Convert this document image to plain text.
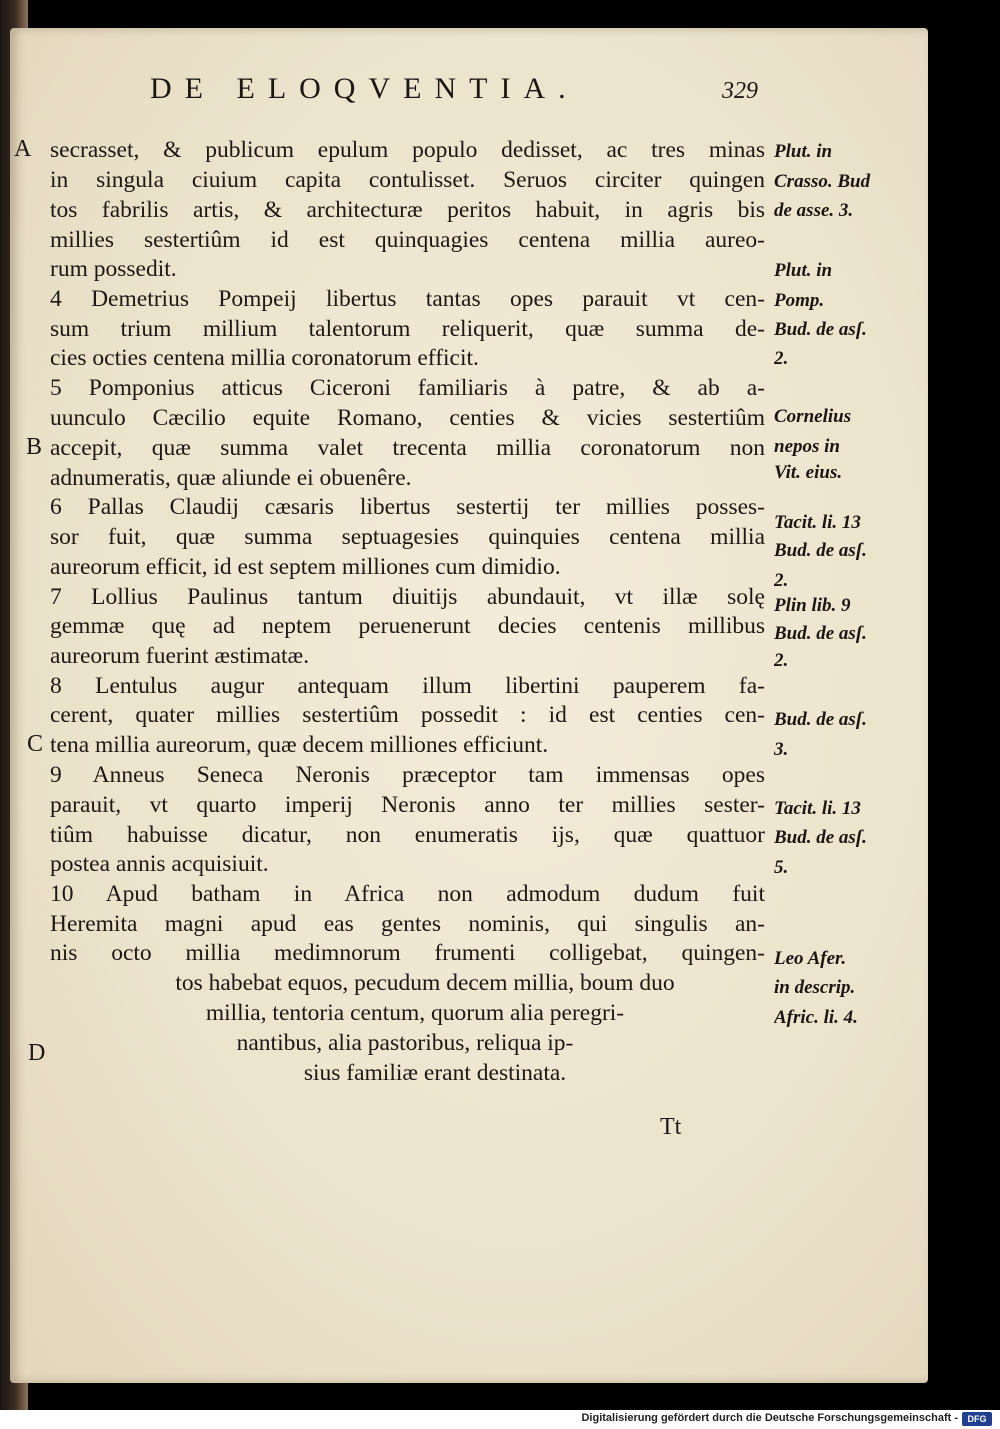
DE ELOQVENTIA.	329
A
B
C
D
secrasset, & publicum epulum populo dedisset, ac tres minas
in singula ciuium capita contulisset. Seruos circiter quingen
tos fabrilis artis, & architecturæ peritos habuit, in agris bis
millies sestertiûm id est quinquagies centena millia aureo-
rum possedit.
4 Demetrius Pompeij libertus tantas opes parauit vt cen-
sum trium millium talentorum reliquerit, quæ summa de-
cies octies centena millia coronatorum efficit.
5 Pomponius atticus Ciceroni familiaris à patre, & ab a-
uunculo Cæcilio equite Romano, centies & vicies sestertiûm
accepit, quæ summa valet trecenta millia coronatorum non
adnumeratis, quæ aliunde ei obuenêre.
6 Pallas Claudij cæsaris libertus sestertij ter millies posses-
sor fuit, quæ summa septuagesies quinquies centena millia
aureorum efficit, id est septem milliones cum dimidio.
7 Lollius Paulinus tantum diuitijs abundauit, vt illæ solę
gemmæ quę ad neptem peruenerunt decies centenis millibus
aureorum fuerint æstimatæ.
8 Lentulus augur antequam illum libertini pauperem fa-
cerent, quater millies sestertiûm possedit : id est centies cen-
tena millia aureorum, quæ decem milliones efficiunt.
9 Anneus Seneca Neronis præceptor tam immensas opes
parauit, vt quarto imperij Neronis anno ter millies sester-
tiûm habuisse dicatur, non enumeratis ijs, quæ quattuor
postea annis acquisiuit.
10 Apud batham in Africa non admodum dudum fuit
Heremita magni apud eas gentes nominis, qui singulis an-
nis octo millia medimnorum frumenti colligebat, quingen-
tos habebat equos, pecudum decem millia, boum duo
millia, tentoria centum, quorum alia peregri-
nantibus, alia pastoribus, reliqua ip-
sius familiæ erant destinata.
Tt
Plut. in
Crasso. Bud
de asse. 3.
Plut. in
Pomp.
Bud. de asſ.
2.
Cornelius
nepos in
Vit. eius.
Tacit. li. 13
Bud. de asſ.
2.
Plin lib. 9
Bud. de asſ.
2.
Bud. de asſ.
3.
Tacit. li. 13
Bud. de asſ.
5.
Leo Afer.
in descrip.
Afric. li. 4.
Digitalisierung gefördert durch die Deutsche Forschungsgemeinschaft -	DFG
